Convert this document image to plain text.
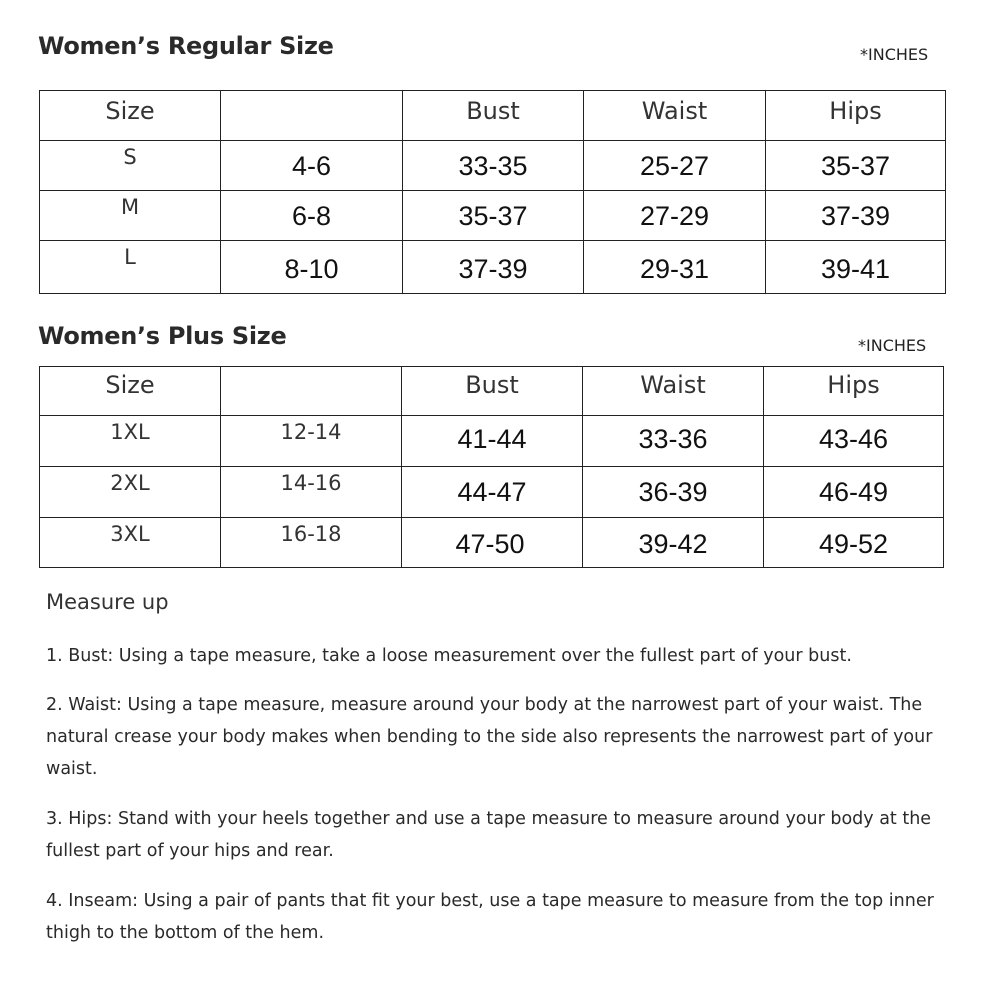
Women’s Regular Size	*INCHES
Size		Bust	Waist	Hips

S	4-6	33-35	25-27	35-37

M	6-8	35-37	27-29	37-39

L	8-10	37-39	29-31	39-41
Women’s Plus Size	*INCHES
Size		Bust	Waist	Hips

1XL	12-14	41-44	33-36	43-46

2XL	14-16	44-47	36-39	46-49

3XL	16-18	47-50	39-42	49-52
Measure up

1. Bust: Using a tape measure, take a loose measurement over the fullest part of your bust.

2. Waist: Using a tape measure, measure around your body at the narrowest part of your waist. The natural crease your body makes when bending to the side also represents the narrowest part of your waist.

3. Hips: Stand with your heels together and use a tape measure to measure around your body at the fullest part of your hips and rear.

4. Inseam: Using a pair of pants that fit your best, use a tape measure to measure from the top inner thigh to the bottom of the hem.
